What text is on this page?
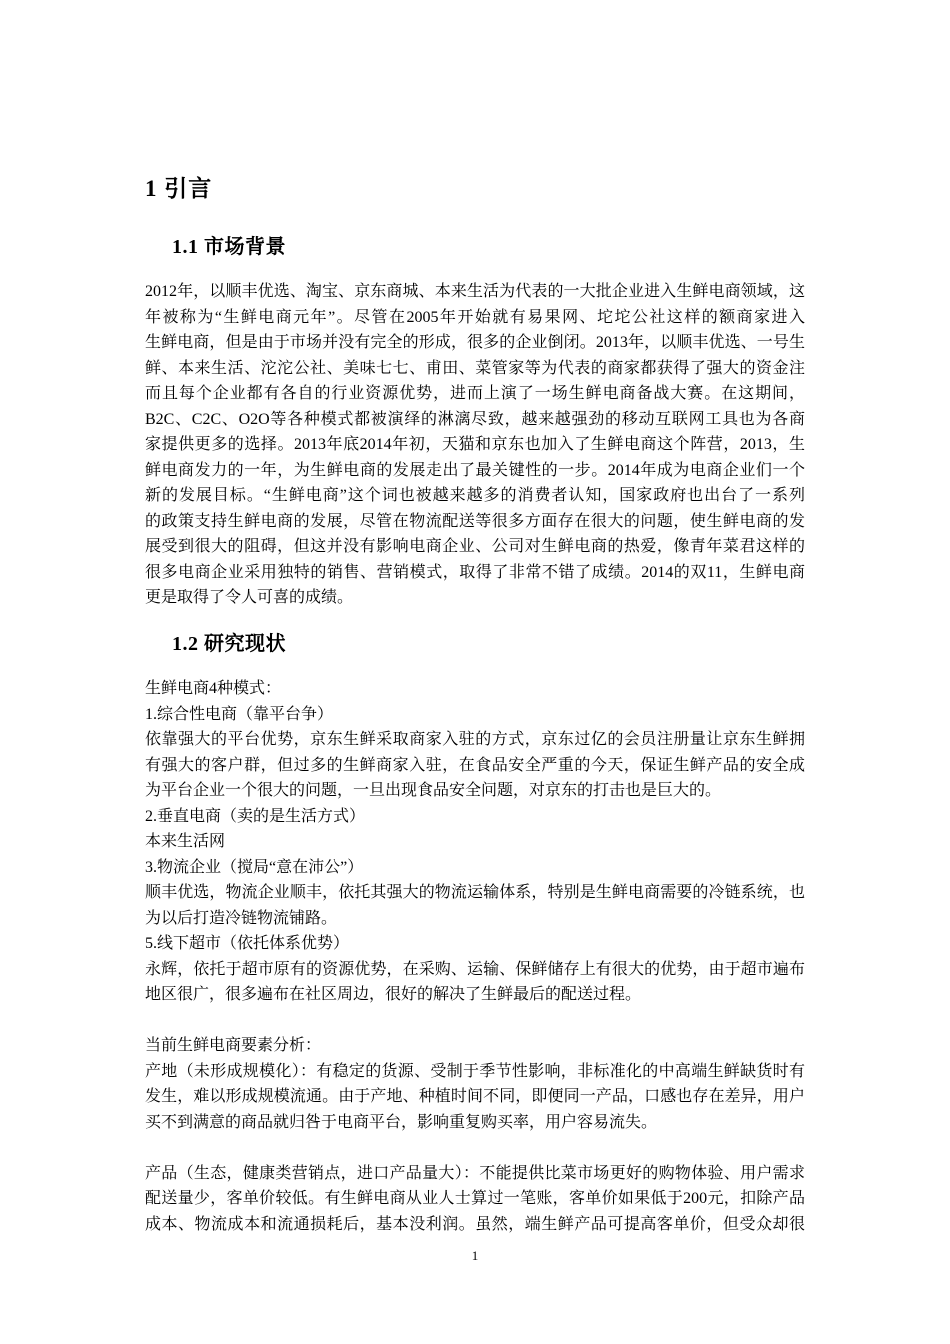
1 引言
1.1 市场背景
2012年，以顺丰优选、淘宝、京东商城、本来生活为代表的一大批企业进入生鲜电商领域，这
年被称为“生鲜电商元年”。尽管在2005年开始就有易果网、坨坨公社这样的额商家进入
生鲜电商，但是由于市场并没有完全的形成，很多的企业倒闭。2013年，以顺丰优选、一号生
鲜、本来生活、沱沱公社、美味七七、甫田、菜管家等为代表的商家都获得了强大的资金注
而且每个企业都有各自的行业资源优势，进而上演了一场生鲜电商备战大赛。在这期间，
B2C、C2C、O2O等各种模式都被演绎的淋漓尽致，越来越强劲的移动互联网工具也为各商
家提供更多的选择。2013年底2014年初，天猫和京东也加入了生鲜电商这个阵营，2013，生
鲜电商发力的一年，为生鲜电商的发展走出了最关键性的一步。2014年成为电商企业们一个
新的发展目标。“生鲜电商”这个词也被越来越多的消费者认知，国家政府也出台了一系列
的政策支持生鲜电商的发展，尽管在物流配送等很多方面存在很大的问题，使生鲜电商的发
展受到很大的阻碍，但这并没有影响电商企业、公司对生鲜电商的热爱，像青年菜君这样的
很多电商企业采用独特的销售、营销模式，取得了非常不错了成绩。2014的双11，生鲜电商
更是取得了令人可喜的成绩。
1.2 研究现状
生鲜电商4种模式：
1.综合性电商（靠平台争）
依靠强大的平台优势，京东生鲜采取商家入驻的方式，京东过亿的会员注册量让京东生鲜拥
有强大的客户群，但过多的生鲜商家入驻，在食品安全严重的今天，保证生鲜产品的安全成
为平台企业一个很大的问题，一旦出现食品安全问题，对京东的打击也是巨大的。
2.垂直电商（卖的是生活方式）
本来生活网
3.物流企业（搅局“意在沛公”）
顺丰优选，物流企业顺丰，依托其强大的物流运输体系，特别是生鲜电商需要的冷链系统，也
为以后打造冷链物流铺路。
5.线下超市（依托体系优势）
永辉，依托于超市原有的资源优势，在采购、运输、保鲜储存上有很大的优势，由于超市遍布
地区很广，很多遍布在社区周边，很好的解决了生鲜最后的配送过程。
当前生鲜电商要素分析：
产地（未形成规模化）：有稳定的货源、受制于季节性影响，非标准化的中高端生鲜缺货时有
发生，难以形成规模流通。由于产地、种植时间不同，即便同一产品，口感也存在差异，用户
买不到满意的商品就归咎于电商平台，影响重复购买率，用户容易流失。
产品（生态，健康类营销点，进口产品量大）：不能提供比菜市场更好的购物体验、用户需求
配送量少，客单价较低。有生鲜电商从业人士算过一笔账，客单价如果低于200元，扣除产品
成本、物流成本和流通损耗后，基本没利润。虽然，端生鲜产品可提高客单价，但受众却很
1
